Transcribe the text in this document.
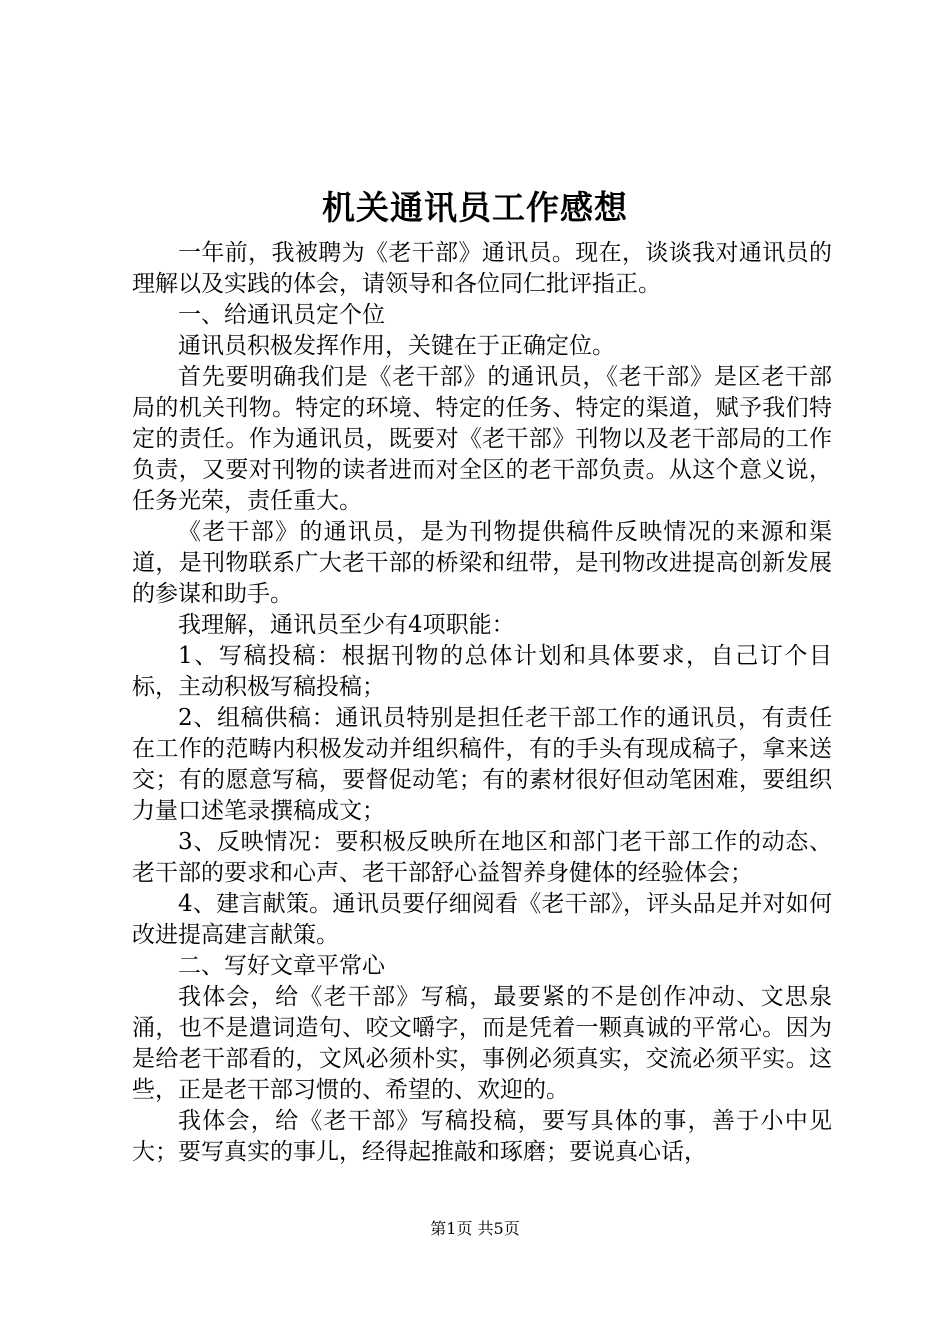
机关通讯员工作感想

一年前，我被聘为《老干部》通讯员。现在，谈谈我对通讯员的理解以及实践的体会，请领导和各位同仁批评指正。

一、给通讯员定个位

通讯员积极发挥作用，关键在于正确定位。

首先要明确我们是《老干部》的通讯员，《老干部》是区老干部局的机关刊物。特定的环境、特定的任务、特定的渠道，赋予我们特定的责任。作为通讯员，既要对《老干部》刊物以及老干部局的工作负责，又要对刊物的读者进而对全区的老干部负责。从这个意义说，任务光荣，责任重大。

《老干部》的通讯员，是为刊物提供稿件反映情况的来源和渠道，是刊物联系广大老干部的桥梁和纽带，是刊物改进提高创新发展的参谋和助手。

我理解，通讯员至少有4项职能：

1、写稿投稿：根据刊物的总体计划和具体要求，自己订个目标，主动积极写稿投稿；

2、组稿供稿：通讯员特别是担任老干部工作的通讯员，有责任在工作的范畴内积极发动并组织稿件，有的手头有现成稿子，拿来送交；有的愿意写稿，要督促动笔；有的素材很好但动笔困难，要组织力量口述笔录撰稿成文；

3、反映情况：要积极反映所在地区和部门老干部工作的动态、老干部的要求和心声、老干部舒心益智养身健体的经验体会；

4、建言献策。通讯员要仔细阅看《老干部》，评头品足并对如何改进提高建言献策。

二、写好文章平常心

我体会，给《老干部》写稿，最要紧的不是创作冲动、文思泉涌，也不是遣词造句、咬文嚼字，而是凭着一颗真诚的平常心。因为是给老干部看的，文风必须朴实，事例必须真实，交流必须平实。这些，正是老干部习惯的、希望的、欢迎的。

我体会，给《老干部》写稿投稿，要写具体的事，善于小中见大；要写真实的事儿，经得起推敲和琢磨；要说真心话，

第1页 共5页
